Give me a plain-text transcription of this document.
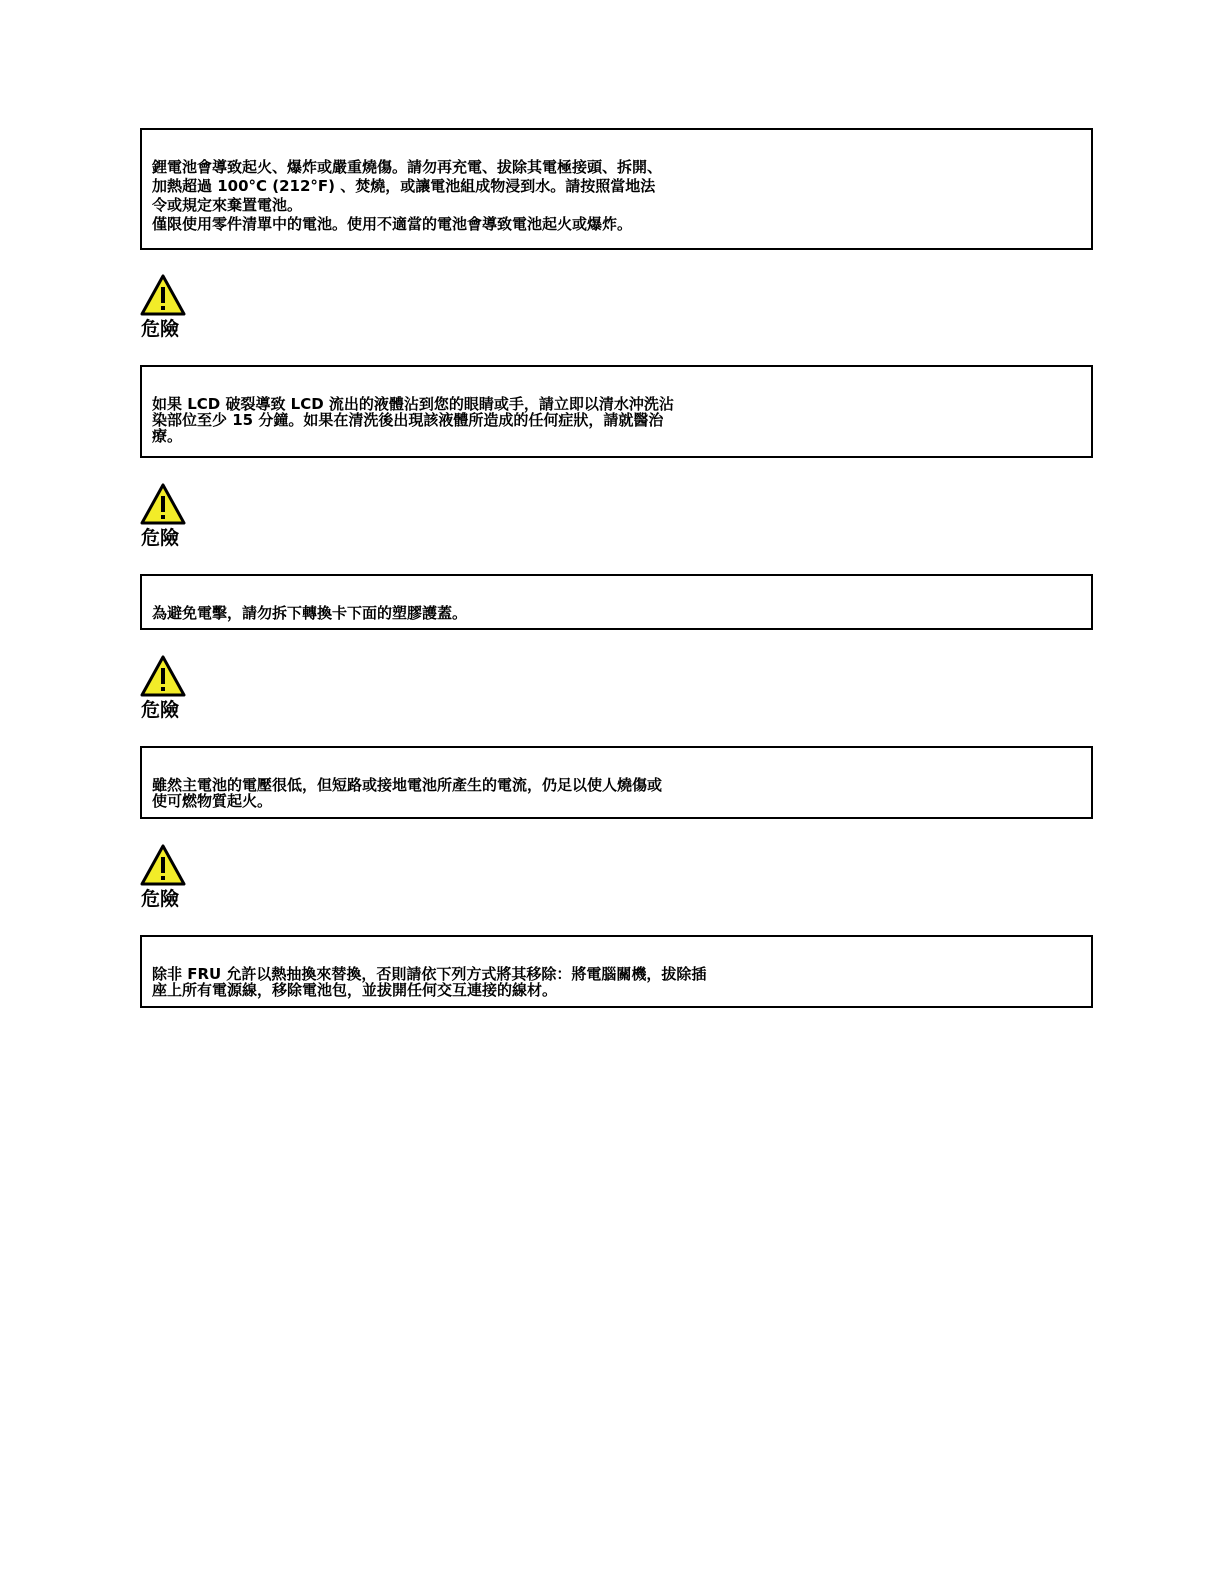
鋰電池會導致起火、爆炸或嚴重燒傷。請勿再充電、拔除其電極接頭、拆開、
加熱超過 100°C (212°F) 、焚燒，或讓電池組成物浸到水。請按照當地法
令或規定來棄置電池。
僅限使用零件清單中的電池。使用不適當的電池會導致電池起火或爆炸。
危險
如果 LCD 破裂導致 LCD 流出的液體沾到您的眼睛或手，請立即以清水沖洗沾
染部位至少 15 分鐘。如果在清洗後出現該液體所造成的任何症狀，請就醫治
療。
危險
為避免電擊，請勿拆下轉換卡下面的塑膠護蓋。
危險
雖然主電池的電壓很低，但短路或接地電池所產生的電流，仍足以使人燒傷或
使可燃物質起火。
危險
除非 FRU 允許以熱抽換來替換，否則請依下列方式將其移除：將電腦關機，拔除插
座上所有電源線，移除電池包，並拔開任何交互連接的線材。
